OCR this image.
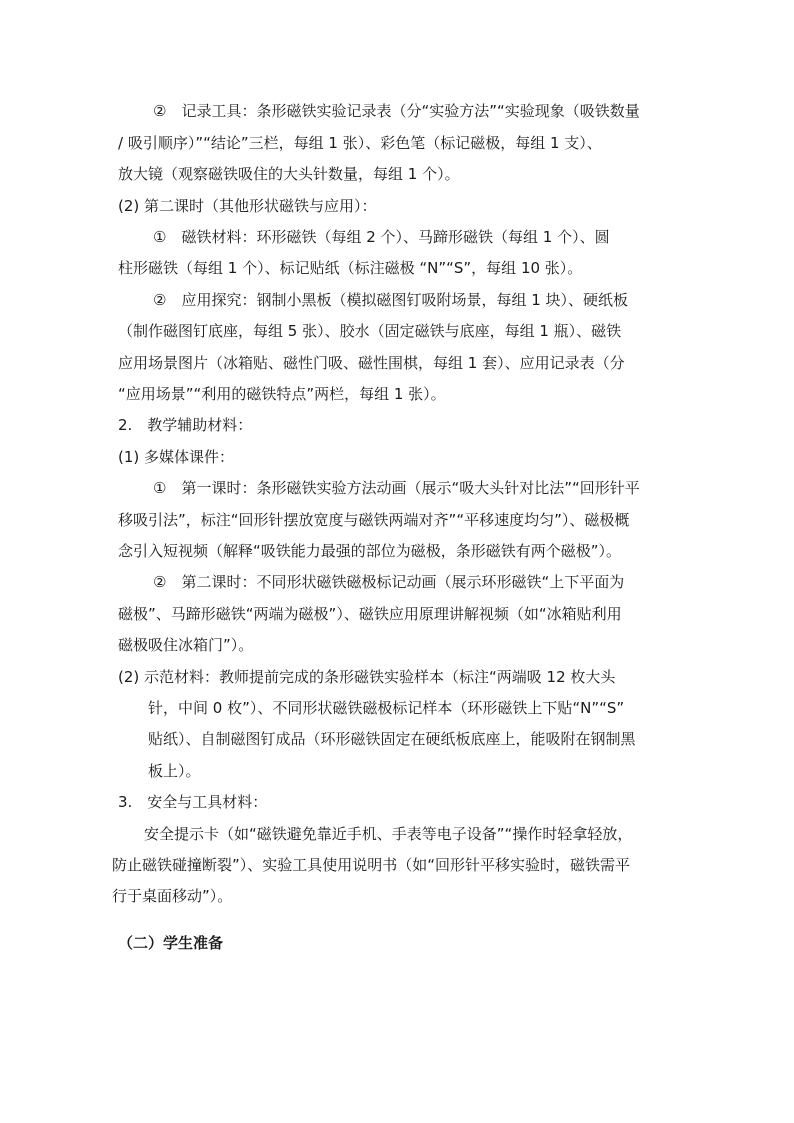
②　记录工具：条形磁铁实验记录表（分“实验方法”“实验现象（吸铁数量
/ 吸引顺序）”“结论”三栏，每组 1 张）、彩色笔（标记磁极，每组 1 支）、
放大镜（观察磁铁吸住的大头针数量，每组 1 个）。
(2) 第二课时（其他形状磁铁与应用）：
①　磁铁材料：环形磁铁（每组 2 个）、马蹄形磁铁（每组 1 个）、圆
柱形磁铁（每组 1 个）、标记贴纸（标注磁极 “N”“S”，每组 10 张）。
②　应用探究：钢制小黑板（模拟磁图钉吸附场景，每组 1 块）、硬纸板
（制作磁图钉底座，每组 5 张）、胶水（固定磁铁与底座，每组 1 瓶）、磁铁
应用场景图片（冰箱贴、磁性门吸、磁性围棋，每组 1 套）、应用记录表（分
“应用场景”“利用的磁铁特点”两栏，每组 1 张）。
2.　教学辅助材料：
(1) 多媒体课件：
①　第一课时：条形磁铁实验方法动画（展示“吸大头针对比法”“回形针平
移吸引法”，标注“回形针摆放宽度与磁铁两端对齐”“平移速度均匀”）、磁极概
念引入短视频（解释“吸铁能力最强的部位为磁极，条形磁铁有两个磁极”）。
②　第二课时：不同形状磁铁磁极标记动画（展示环形磁铁“上下平面为
磁极”、马蹄形磁铁“两端为磁极”）、磁铁应用原理讲解视频（如“冰箱贴利用
磁极吸住冰箱门”）。
(2) 示范材料：教师提前完成的条形磁铁实验样本（标注“两端吸 12 枚大头
针，中间 0 枚”）、不同形状磁铁磁极标记样本（环形磁铁上下贴“N”“S”
贴纸）、自制磁图钉成品（环形磁铁固定在硬纸板底座上，能吸附在钢制黑
板上）。
3.　安全与工具材料：
安全提示卡（如“磁铁避免靠近手机、手表等电子设备”“操作时轻拿轻放，
防止磁铁碰撞断裂”）、实验工具使用说明书（如“回形针平移实验时，磁铁需平
行于桌面移动”）。
（二）学生准备
